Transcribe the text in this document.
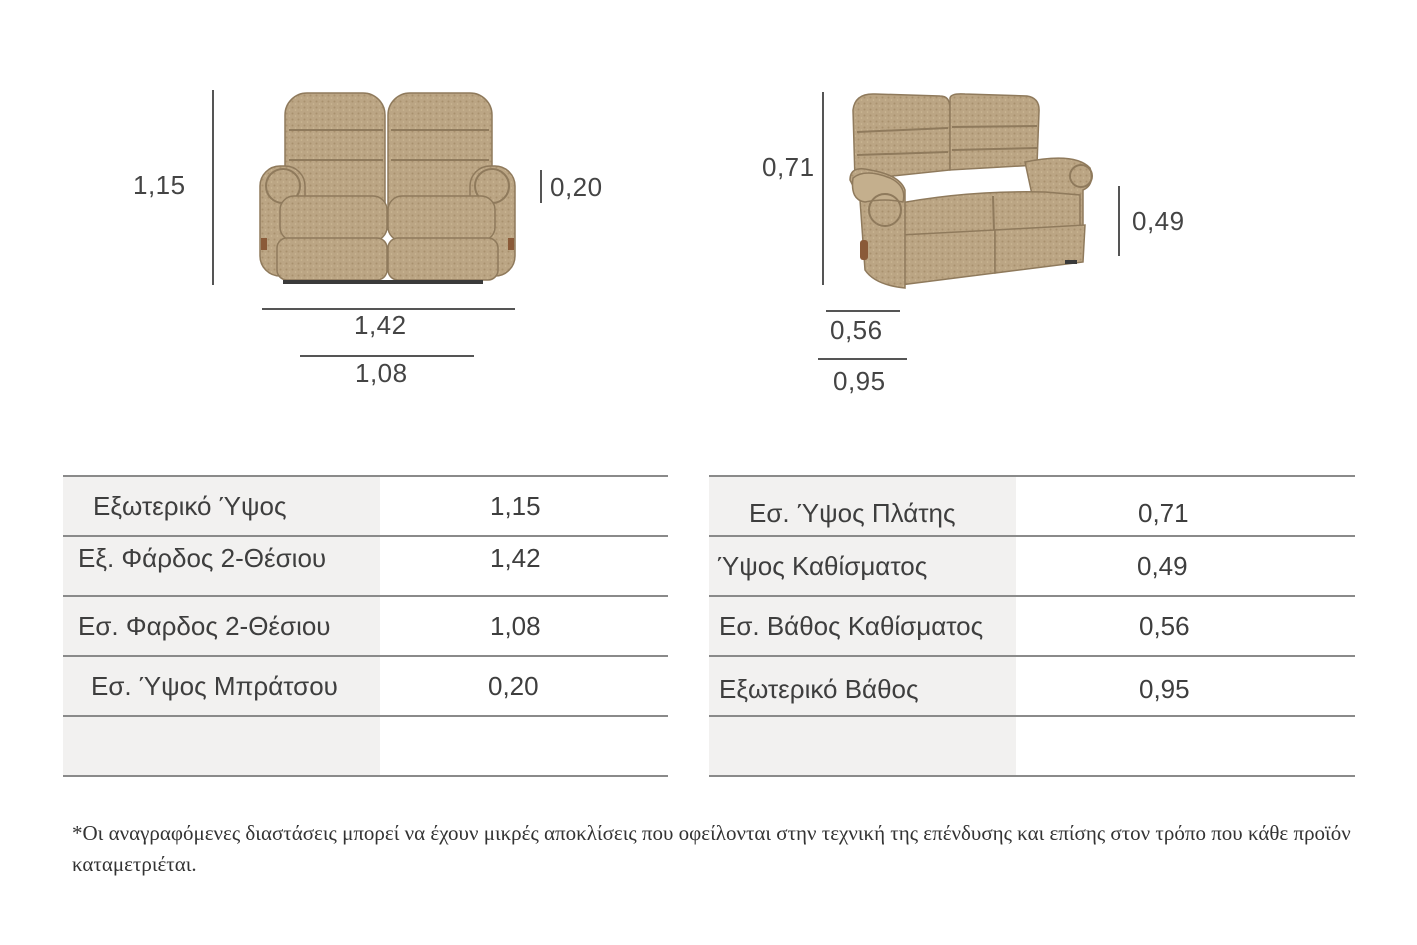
1,15	0,20
1,42
1,08
0,71
0,49
0,56
0,95
Εξωτερικό Ύψος	1,15
Εξ. Φάρδος 2-Θέσιου	1,42
Εσ. Φαρδος 2-Θέσιου	1,08
Εσ. Ύψος Μπράτσου	0,20
Εσ. Ύψος Πλάτης	0,71
Ύψος Καθίσματος	0,49
Εσ. Βάθος Καθίσματος	0,56
Εξωτερικό Βάθος	0,95
*Οι αναγραφόμενες διαστάσεις μπορεί να έχουν μικρές αποκλίσεις που οφείλονται στην τεχνική της επένδυσης και επίσης στον τρόπο που κάθε προϊόν καταμετριέται.
